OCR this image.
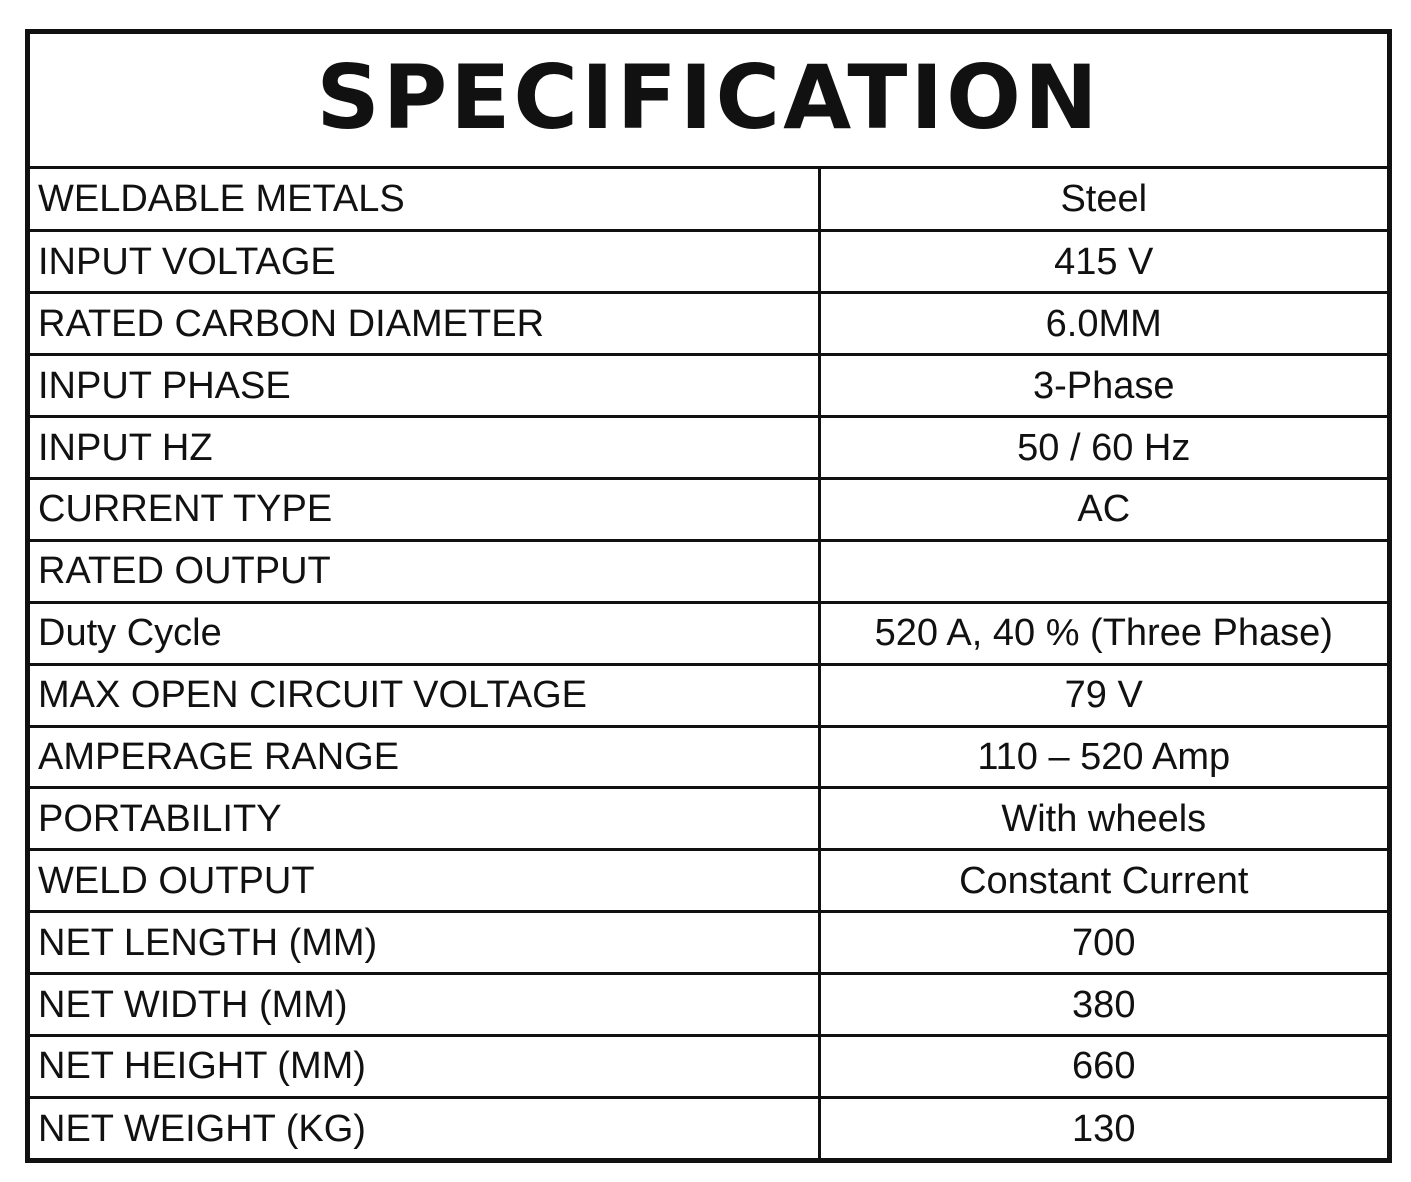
SPECIFICATION
WELDABLE METALS	Steel
INPUT VOLTAGE	415 V
RATED CARBON DIAMETER	6.0MM
INPUT PHASE	3-Phase
INPUT HZ	50 / 60 Hz
CURRENT TYPE	AC
RATED OUTPUT	
Duty Cycle	520 A, 40 % (Three Phase)
MAX OPEN CIRCUIT VOLTAGE	79 V
AMPERAGE RANGE	110 – 520 Amp
PORTABILITY	With wheels
WELD OUTPUT	Constant Current
NET LENGTH (MM)	700
NET WIDTH (MM)	380
NET HEIGHT (MM)	660
NET WEIGHT (KG)	130
